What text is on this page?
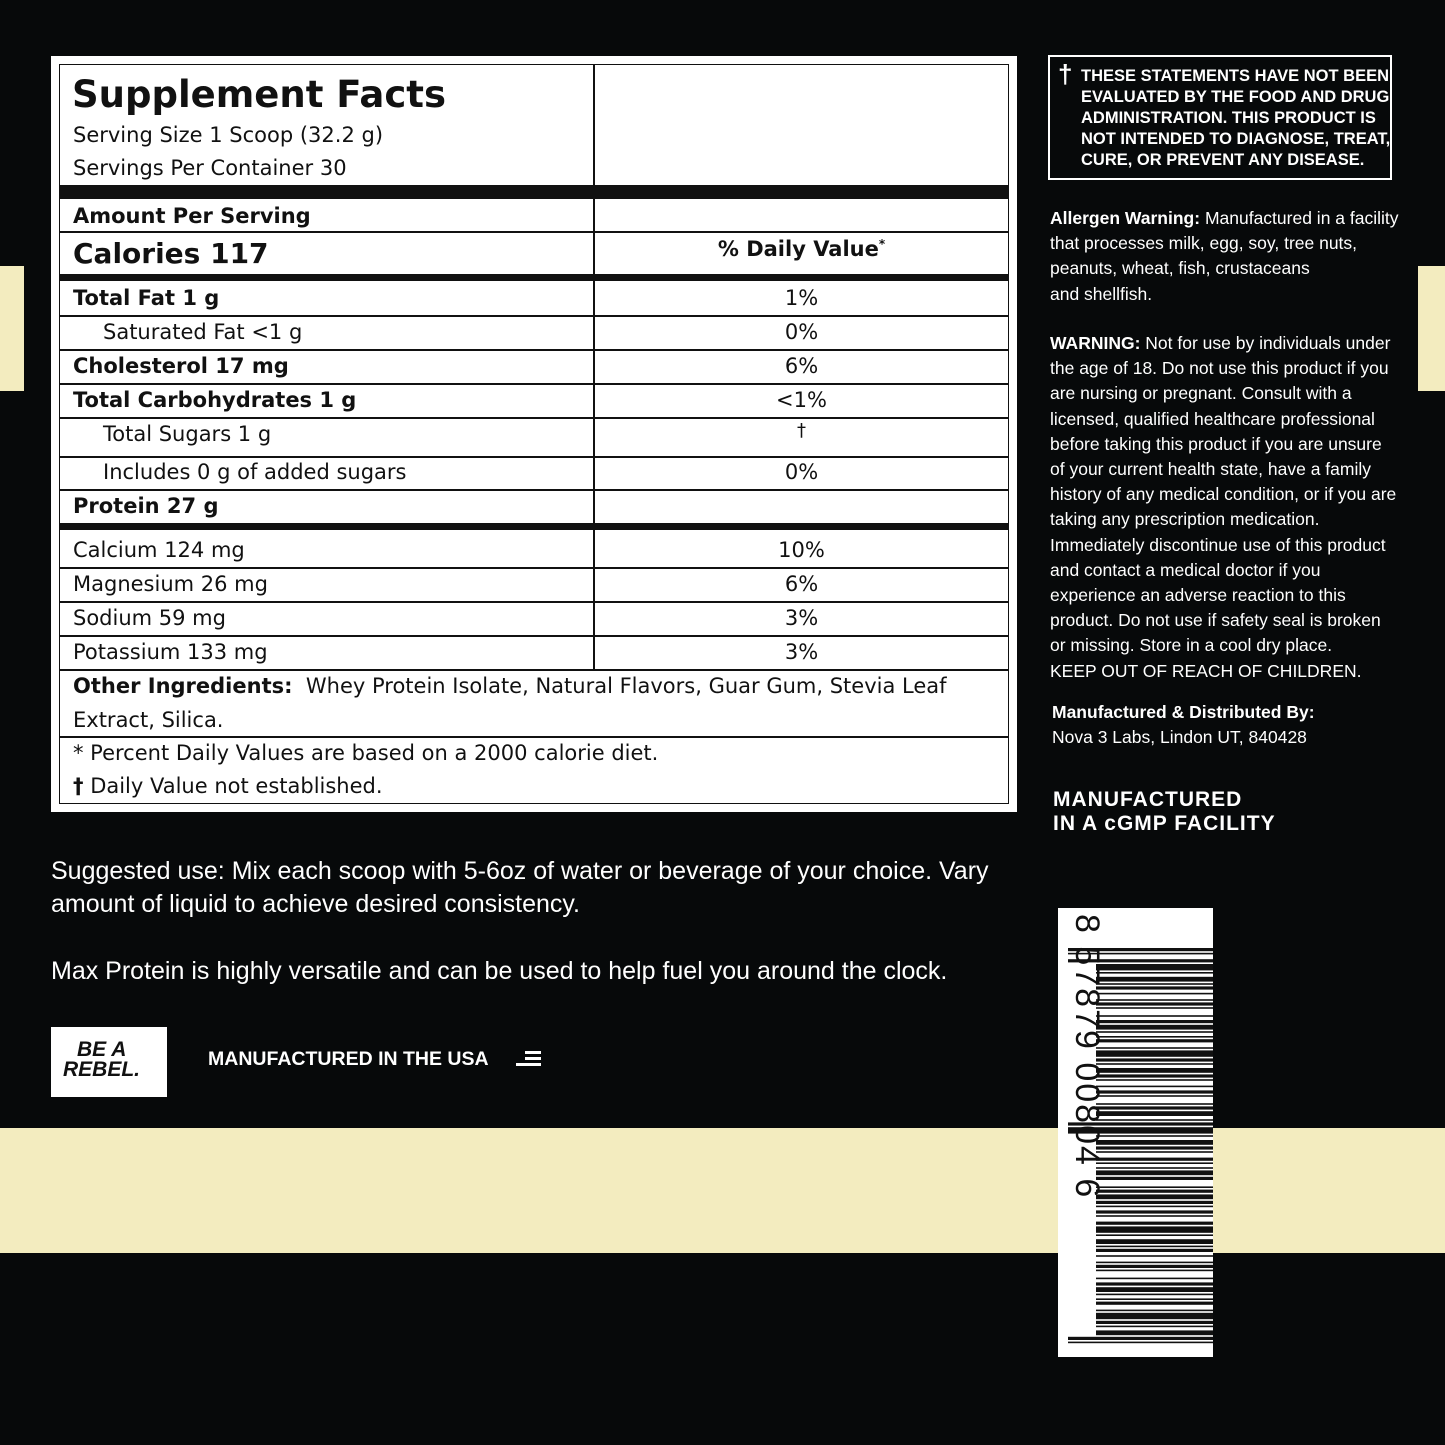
Supplement Facts
Serving Size 1 Scoop (32.2 g)
Servings Per Container 30
Amount Per Serving
Calories 117	% Daily Value*
Total Fat 1 g	1%
Saturated Fat <1 g	0%
Cholesterol 17 mg	6%
Total Carbohydrates 1 g	<1%
Total Sugars 1 g	†
Includes 0 g of added sugars	0%
Protein 27 g
Calcium 124 mg	10%
Magnesium 26 mg	6%
Sodium 59 mg	3%
Potassium 133 mg	3%
Other Ingredients: Whey Protein Isolate, Natural Flavors, Guar Gum, Stevia Leaf
Extract, Silica.
* Percent Daily Values are based on a 2000 calorie diet.
† Daily Value not established.
† THESE STATEMENTS HAVE NOT BEEN
EVALUATED BY THE FOOD AND DRUG
ADMINISTRATION. THIS PRODUCT IS
NOT INTENDED TO DIAGNOSE, TREAT,
CURE, OR PREVENT ANY DISEASE.
Allergen Warning: Manufactured in a facility
that processes milk, egg, soy, tree nuts,
peanuts, wheat, fish, crustaceans
and shellfish.
WARNING: Not for use by individuals under
the age of 18. Do not use this product if you
are nursing or pregnant. Consult with a
licensed, qualified healthcare professional
before taking this product if you are unsure
of your current health state, have a family
history of any medical condition, or if you are
taking any prescription medication.
Immediately discontinue use of this product
and contact a medical doctor if you
experience an adverse reaction to this
product. Do not use if safety seal is broken
or missing. Store in a cool dry place.
KEEP OUT OF REACH OF CHILDREN.
Manufactured & Distributed By:
Nova 3 Labs, Lindon UT, 840428
MANUFACTURED
IN A cGMP FACILITY
Suggested use: Mix each scoop with 5-6oz of water or beverage of your choice. Vary
amount of liquid to achieve desired consistency.
Max Protein is highly versatile and can be used to help fuel you around the clock.
BE A
REBEL.	MANUFACTURED IN THE USA	8 57879 00804 6
